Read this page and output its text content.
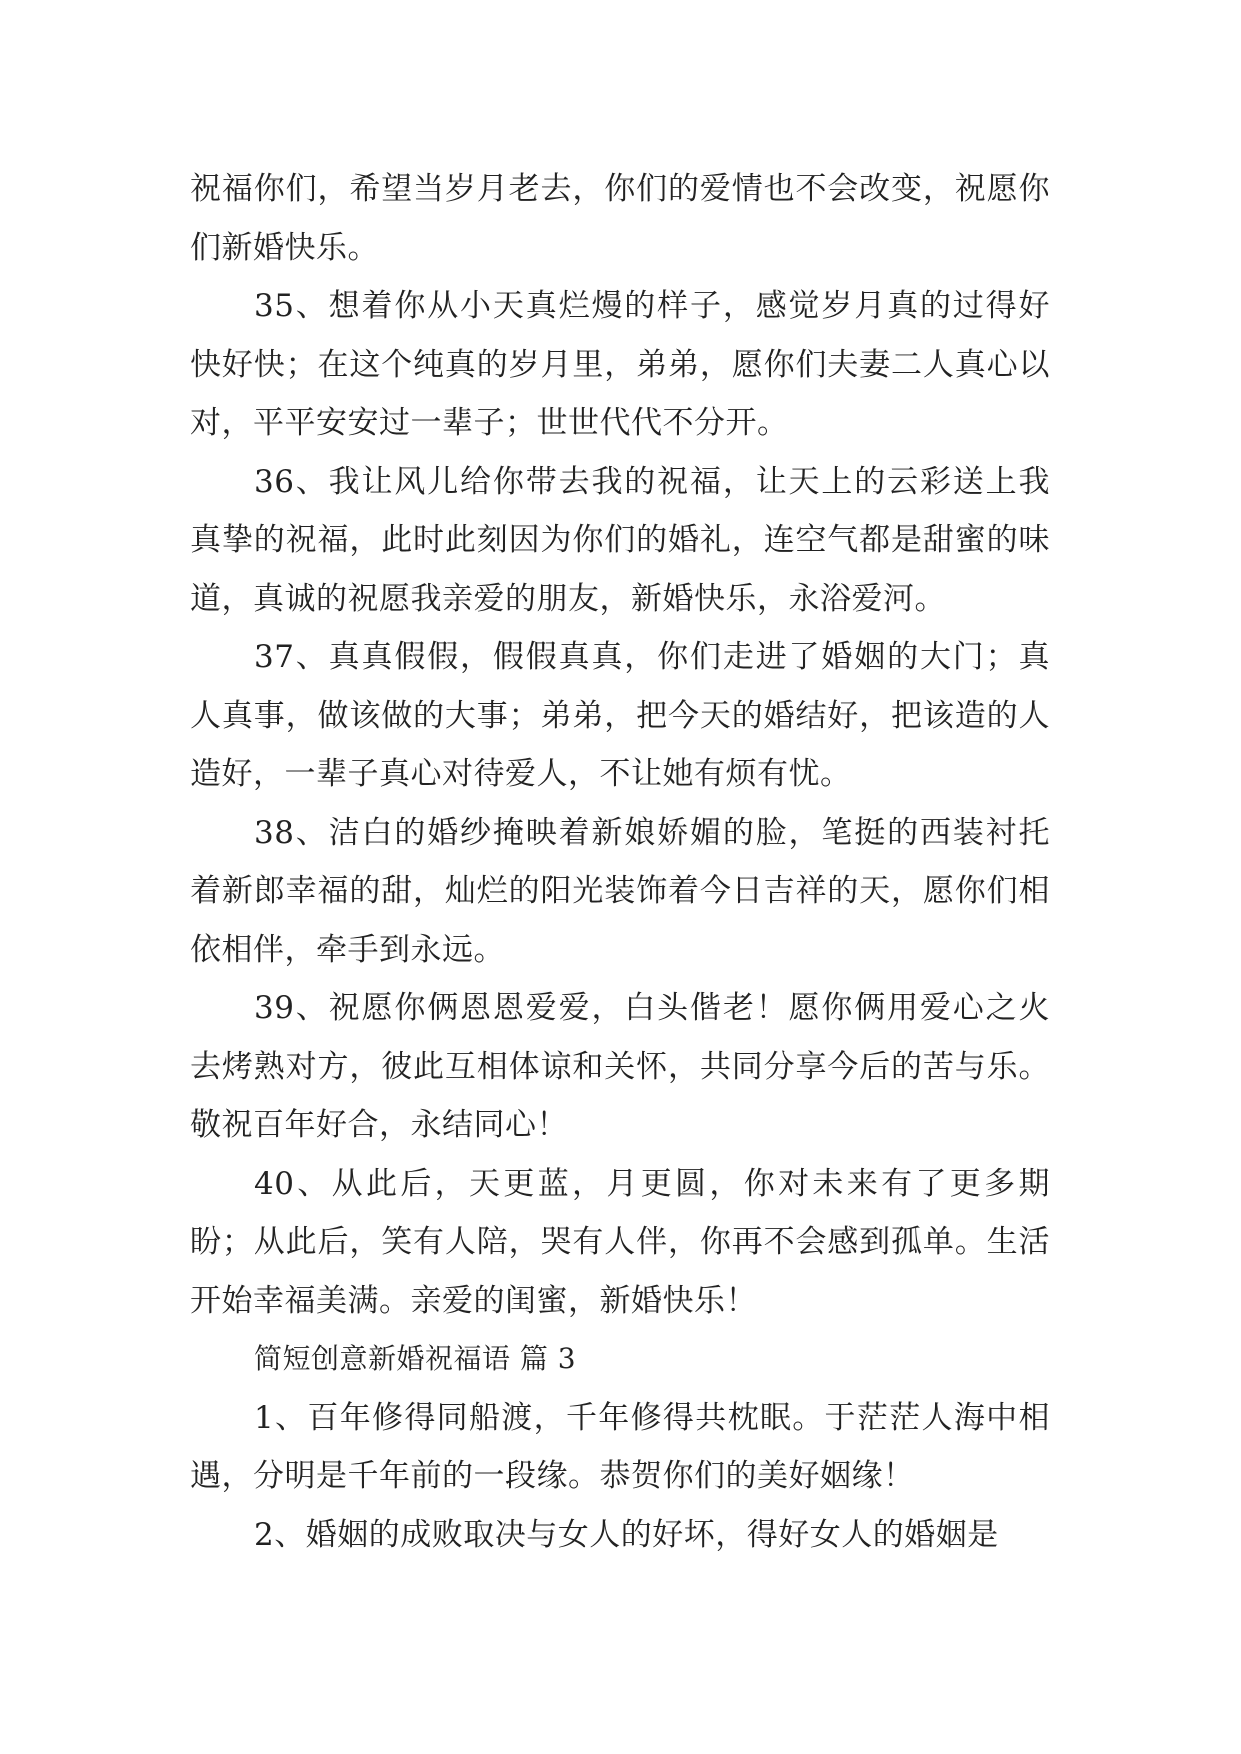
祝福你们，希望当岁月老去，你们的爱情也不会改变，祝愿你们新婚快乐。

35、想着你从小天真烂熳的样子，感觉岁月真的过得好快好快；在这个纯真的岁月里，弟弟，愿你们夫妻二人真心以对，平平安安过一辈子；世世代代不分开。

36、我让风儿给你带去我的祝福，让天上的云彩送上我真挚的祝福，此时此刻因为你们的婚礼，连空气都是甜蜜的味道，真诚的祝愿我亲爱的朋友，新婚快乐，永浴爱河。

37、真真假假，假假真真，你们走进了婚姻的大门；真人真事，做该做的大事；弟弟，把今天的婚结好，把该造的人造好，一辈子真心对待爱人，不让她有烦有忧。

38、洁白的婚纱掩映着新娘娇媚的脸，笔挺的西装衬托着新郎幸福的甜，灿烂的阳光装饰着今日吉祥的天，愿你们相依相伴，牵手到永远。

39、祝愿你俩恩恩爱爱，白头偕老！愿你俩用爱心之火去烤熟对方，彼此互相体谅和关怀，共同分享今后的苦与乐。敬祝百年好合，永结同心！

40、从此后，天更蓝，月更圆，你对未来有了更多期盼；从此后，笑有人陪，哭有人伴，你再不会感到孤单。生活开始幸福美满。亲爱的闺蜜，新婚快乐！

简短创意新婚祝福语 篇 3

1、百年修得同船渡，千年修得共枕眠。于茫茫人海中相遇，分明是千年前的一段缘。恭贺你们的美好姻缘！

2、婚姻的成败取决与女人的好坏，得好女人的婚姻是
